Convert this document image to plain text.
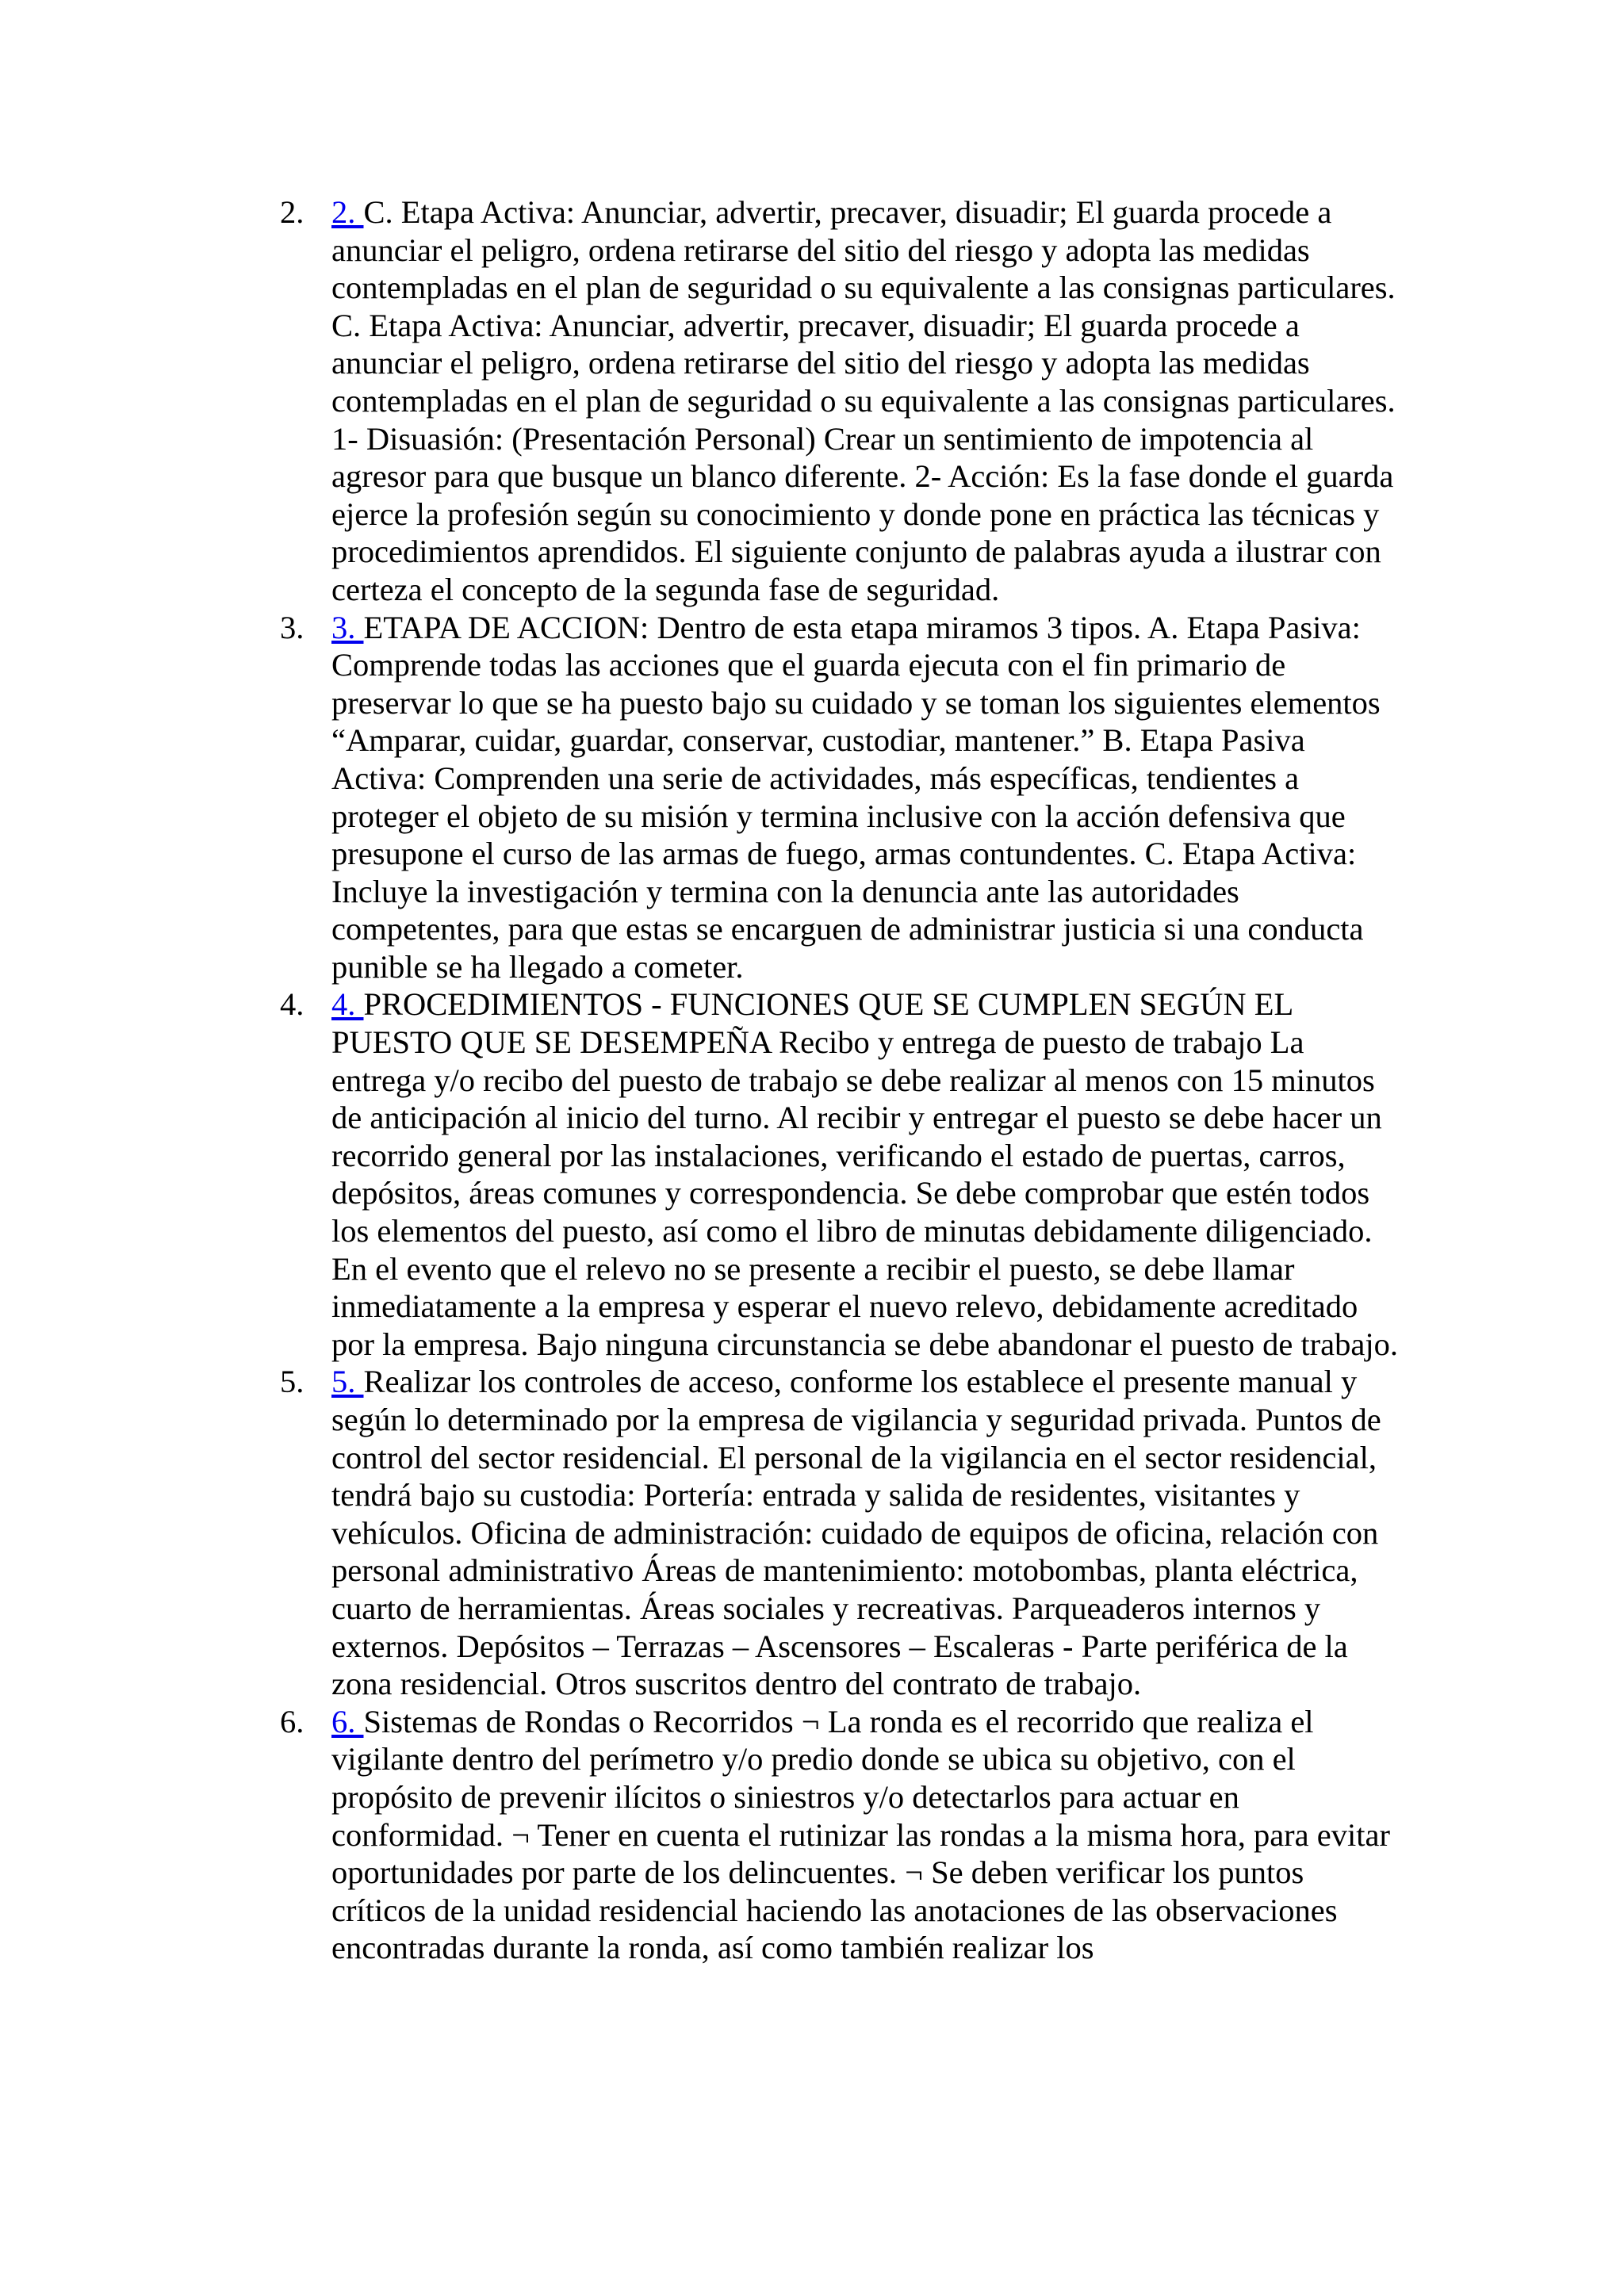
2. 2. C. Etapa Activa: Anunciar, advertir, precaver, disuadir; El guarda procede a anunciar el peligro, ordena retirarse del sitio del riesgo y adopta las medidas contempladas en el plan de seguridad o su equivalente a las consignas particulares. C. Etapa Activa: Anunciar, advertir, precaver, disuadir; El guarda procede a anunciar el peligro, ordena retirarse del sitio del riesgo y adopta las medidas contempladas en el plan de seguridad o su equivalente a las consignas particulares. 1- Disuasión: (Presentación Personal) Crear un sentimiento de impotencia al agresor para que busque un blanco diferente. 2- Acción: Es la fase donde el guarda ejerce la profesión según su conocimiento y donde pone en práctica las técnicas y procedimientos aprendidos. El siguiente conjunto de palabras ayuda a ilustrar con certeza el concepto de la segunda fase de seguridad.
3. 3. ETAPA DE ACCION: Dentro de esta etapa miramos 3 tipos. A. Etapa Pasiva: Comprende todas las acciones que el guarda ejecuta con el fin primario de preservar lo que se ha puesto bajo su cuidado y se toman los siguientes elementos “Amparar, cuidar, guardar, conservar, custodiar, mantener.” B. Etapa Pasiva Activa: Comprenden una serie de actividades, más específicas, tendientes a proteger el objeto de su misión y termina inclusive con la acción defensiva que presupone el curso de las armas de fuego, armas contundentes. C. Etapa Activa: Incluye la investigación y termina con la denuncia ante las autoridades competentes, para que estas se encarguen de administrar justicia si una conducta punible se ha llegado a cometer.
4. 4. PROCEDIMIENTOS - FUNCIONES QUE SE CUMPLEN SEGÚN EL PUESTO QUE SE DESEMPEÑA Recibo y entrega de puesto de trabajo La entrega y/o recibo del puesto de trabajo se debe realizar al menos con 15 minutos de anticipación al inicio del turno. Al recibir y entregar el puesto se debe hacer un recorrido general por las instalaciones, verificando el estado de puertas, carros, depósitos, áreas comunes y correspondencia. Se debe comprobar que estén todos los elementos del puesto, así como el libro de minutas debidamente diligenciado. En el evento que el relevo no se presente a recibir el puesto, se debe llamar inmediatamente a la empresa y esperar el nuevo relevo, debidamente acreditado por la empresa. Bajo ninguna circunstancia se debe abandonar el puesto de trabajo.
5. 5. Realizar los controles de acceso, conforme los establece el presente manual y según lo determinado por la empresa de vigilancia y seguridad privada. Puntos de control del sector residencial. El personal de la vigilancia en el sector residencial, tendrá bajo su custodia: Portería: entrada y salida de residentes, visitantes y vehículos. Oficina de administración: cuidado de equipos de oficina, relación con personal administrativo Áreas de mantenimiento: motobombas, planta eléctrica, cuarto de herramientas. Áreas sociales y recreativas. Parqueaderos internos y externos. Depósitos – Terrazas – Ascensores – Escaleras - Parte periférica de la zona residencial. Otros suscritos dentro del contrato de trabajo.
6. 6. Sistemas de Rondas o Recorridos ¬ La ronda es el recorrido que realiza el vigilante dentro del perímetro y/o predio donde se ubica su objetivo, con el propósito de prevenir ilícitos o siniestros y/o detectarlos para actuar en conformidad. ¬ Tener en cuenta el rutinizar las rondas a la misma hora, para evitar oportunidades por parte de los delincuentes. ¬ Se deben verificar los puntos críticos de la unidad residencial haciendo las anotaciones de las observaciones encontradas durante la ronda, así como también realizar los
